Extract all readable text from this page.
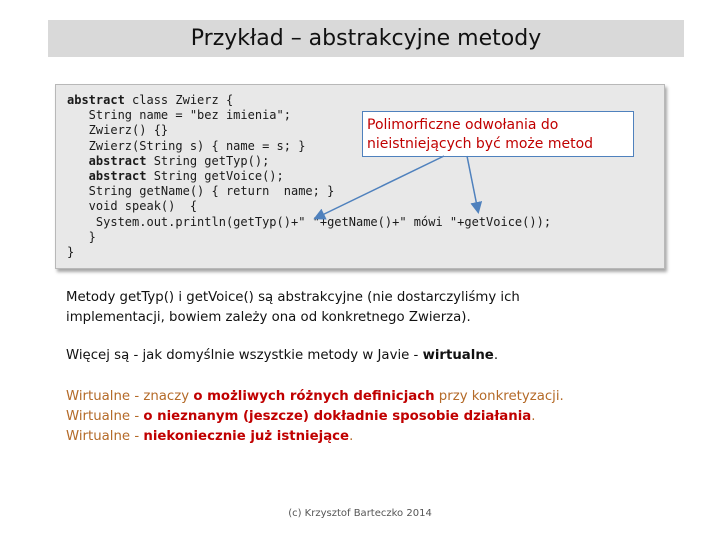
Przykład – abstrakcyjne metody
abstract class Zwierz {
String name = "bez imienia";
Zwierz() {}
Zwierz(String s) { name = s; }
abstract String getTyp();
abstract String getVoice();
String getName() { return  name; }
void speak()  {
System.out.println(getTyp()+" "+getName()+" mówi "+getVoice());
}
}
Polimorficzne odwołania do nieistniejących być może metod
Metody getTyp() i getVoice() są abstrakcyjne (nie dostarczyliśmy ich
implementacji, bowiem zależy ona od konkretnego Zwierza).
Więcej są - jak domyślnie wszystkie metody w Javie - wirtualne.
Wirtualne - znaczy o możliwych różnych definicjach przy konkretyzacji.
Wirtualne - o nieznanym (jeszcze) dokładnie sposobie działania.
Wirtualne - niekoniecznie już istniejące.
(c) Krzysztof Barteczko 2014
